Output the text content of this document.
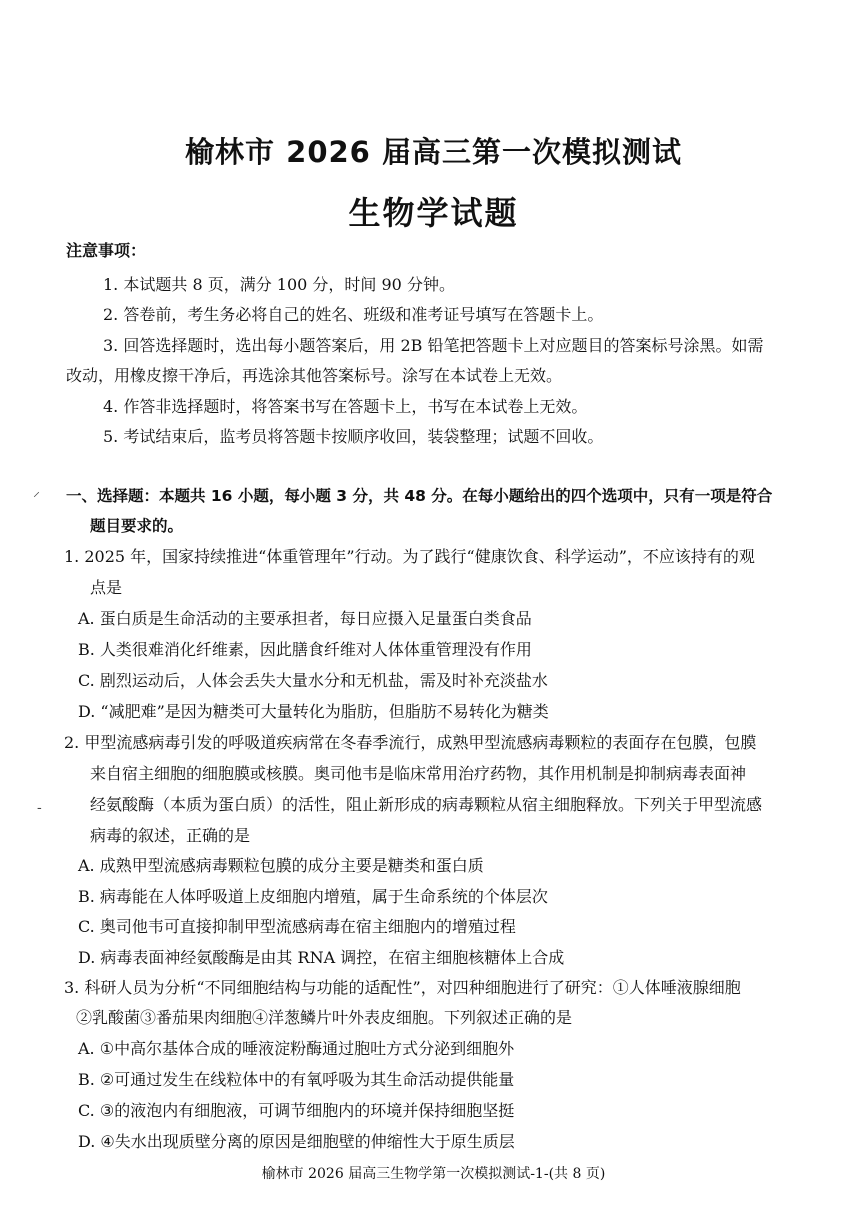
⸝
-
榆林市 2026 届高三第一次模拟测试
生物学试题
注意事项：
1. 本试题共 8 页，满分 100 分，时间 90 分钟。
2. 答卷前，考生务必将自己的姓名、班级和准考证号填写在答题卡上。
3. 回答选择题时，选出每小题答案后，用 2B 铅笔把答题卡上对应题目的答案标号涂黑。如需
改动，用橡皮擦干净后，再选涂其他答案标号。涂写在本试卷上无效。
4. 作答非选择题时，将答案书写在答题卡上，书写在本试卷上无效。
5. 考试结束后，监考员将答题卡按顺序收回，装袋整理；试题不回收。
一、选择题：本题共 16 小题，每小题 3 分，共 48 分。在每小题给出的四个选项中，只有一项是符合
题目要求的。
1. 2025 年，国家持续推进“体重管理年”行动。为了践行“健康饮食、科学运动”，不应该持有的观
点是
A. 蛋白质是生命活动的主要承担者，每日应摄入足量蛋白类食品
B. 人类很难消化纤维素，因此膳食纤维对人体体重管理没有作用
C. 剧烈运动后，人体会丢失大量水分和无机盐，需及时补充淡盐水
D. “减肥难”是因为糖类可大量转化为脂肪，但脂肪不易转化为糖类
2. 甲型流感病毒引发的呼吸道疾病常在冬春季流行，成熟甲型流感病毒颗粒的表面存在包膜，包膜
来自宿主细胞的细胞膜或核膜。奥司他韦是临床常用治疗药物，其作用机制是抑制病毒表面神
经氨酸酶（本质为蛋白质）的活性，阻止新形成的病毒颗粒从宿主细胞释放。下列关于甲型流感
病毒的叙述，正确的是
A. 成熟甲型流感病毒颗粒包膜的成分主要是糖类和蛋白质
B. 病毒能在人体呼吸道上皮细胞内增殖，属于生命系统的个体层次
C. 奥司他韦可直接抑制甲型流感病毒在宿主细胞内的增殖过程
D. 病毒表面神经氨酸酶是由其 RNA 调控，在宿主细胞核糖体上合成
3. 科研人员为分析“不同细胞结构与功能的适配性”，对四种细胞进行了研究：①人体唾液腺细胞
②乳酸菌③番茄果肉细胞④洋葱鳞片叶外表皮细胞。下列叙述正确的是
A. ①中高尔基体合成的唾液淀粉酶通过胞吐方式分泌到细胞外
B. ②可通过发生在线粒体中的有氧呼吸为其生命活动提供能量
C. ③的液泡内有细胞液，可调节细胞内的环境并保持细胞坚挺
D. ④失水出现质壁分离的原因是细胞壁的伸缩性大于原生质层
榆林市 2026 届高三生物学第一次模拟测试-1-(共 8 页)
